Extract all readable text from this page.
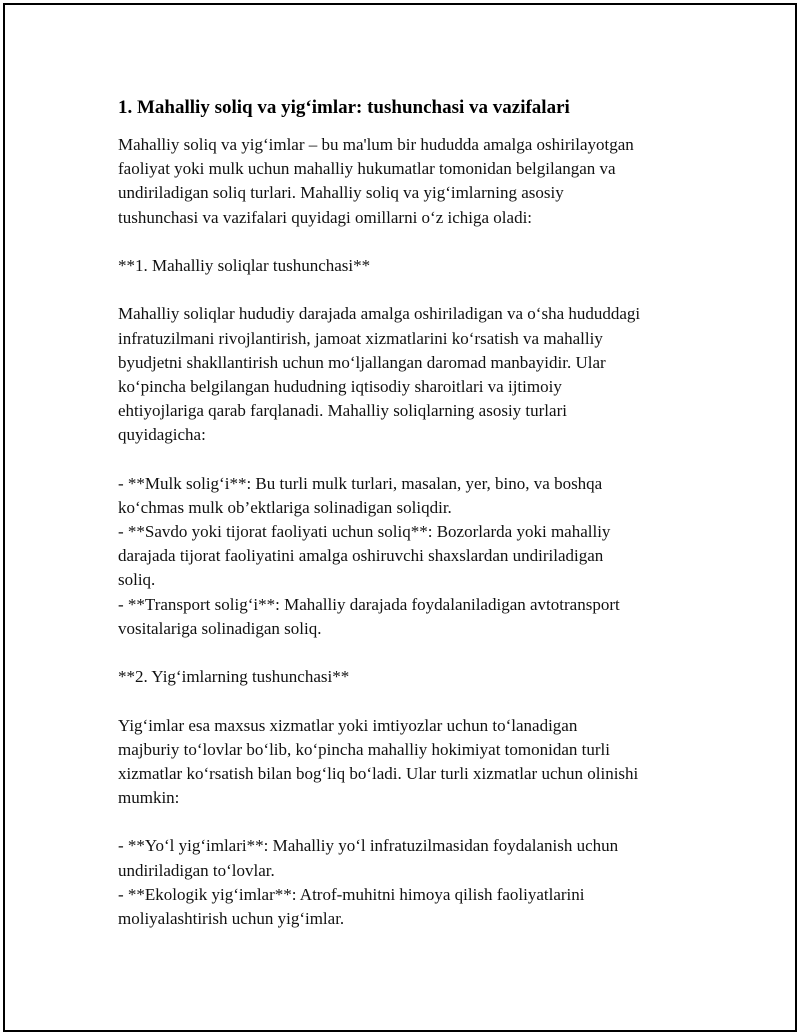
1. Mahalliy soliq va yig‘imlar: tushunchasi va vazifalari
Mahalliy soliq va yig‘imlar – bu ma'lum bir hududda amalga oshirilayotgan
faoliyat yoki mulk uchun mahalliy hukumatlar tomonidan belgilangan va
undiriladigan soliq turlari. Mahalliy soliq va yig‘imlarning asosiy
tushunchasi va vazifalari quyidagi omillarni o‘z ichiga oladi:
**1. Mahalliy soliqlar tushunchasi**
Mahalliy soliqlar hududiy darajada amalga oshiriladigan va o‘sha hududdagi
infratuzilmani rivojlantirish, jamoat xizmatlarini ko‘rsatish va mahalliy
byudjetni shakllantirish uchun mo‘ljallangan daromad manbayidir. Ular
ko‘pincha belgilangan hududning iqtisodiy sharoitlari va ijtimoiy
ehtiyojlariga qarab farqlanadi. Mahalliy soliqlarning asosiy turlari
quyidagicha:
- **Mulk solig‘i**: Bu turli mulk turlari, masalan, yer, bino, va boshqa
ko‘chmas mulk ob’ektlariga solinadigan soliqdir.
- **Savdo yoki tijorat faoliyati uchun soliq**: Bozorlarda yoki mahalliy
darajada tijorat faoliyatini amalga oshiruvchi shaxslardan undiriladigan
soliq.
- **Transport solig‘i**: Mahalliy darajada foydalaniladigan avtotransport
vositalariga solinadigan soliq.
**2. Yig‘imlarning tushunchasi**
Yig‘imlar esa maxsus xizmatlar yoki imtiyozlar uchun to‘lanadigan
majburiy to‘lovlar bo‘lib, ko‘pincha mahalliy hokimiyat tomonidan turli
xizmatlar ko‘rsatish bilan bog‘liq bo‘ladi. Ular turli xizmatlar uchun olinishi
mumkin:
- **Yo‘l yig‘imlari**: Mahalliy yo‘l infratuzilmasidan foydalanish uchun
undiriladigan to‘lovlar.
- **Ekologik yig‘imlar**: Atrof-muhitni himoya qilish faoliyatlarini
moliyalashtirish uchun yig‘imlar.
